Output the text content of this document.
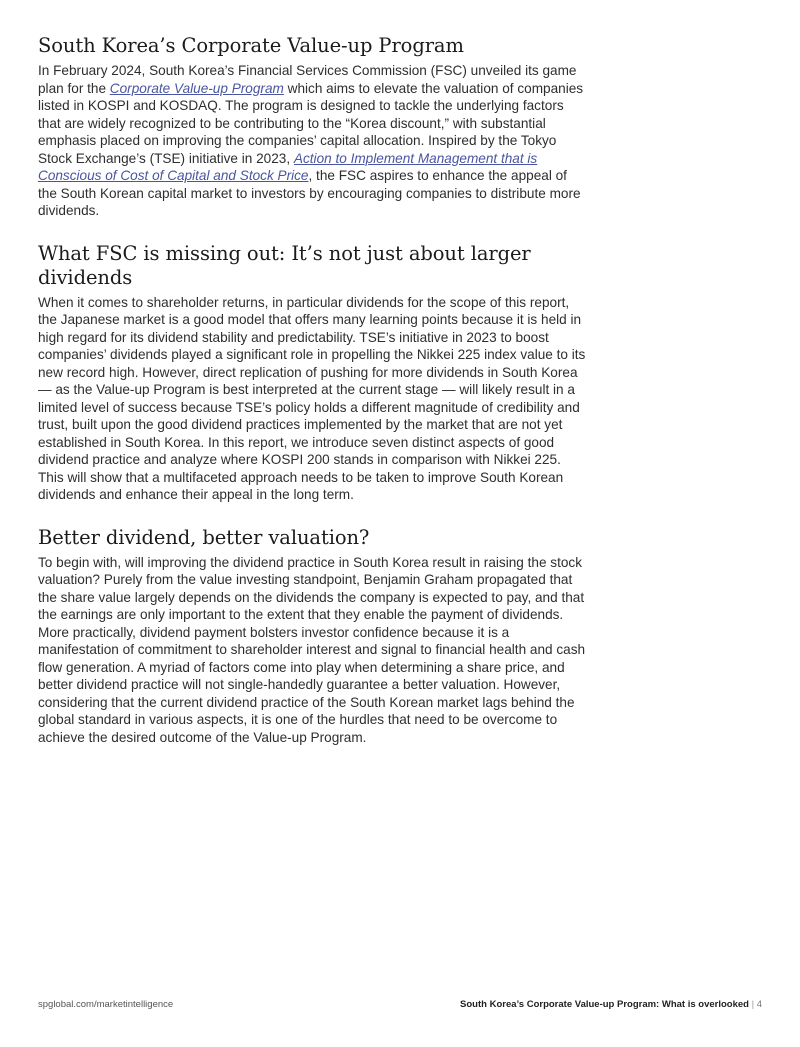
South Korea’s Corporate Value-up Program

In February 2024, South Korea’s Financial Services Commission (FSC) unveiled its game plan for the Corporate Value-up Program which aims to elevate the valuation of companies listed in KOSPI and KOSDAQ. The program is designed to tackle the underlying factors that are widely recognized to be contributing to the “Korea discount,” with substantial emphasis placed on improving the companies’ capital allocation. Inspired by the Tokyo Stock Exchange’s (TSE) initiative in 2023, Action to Implement Management that is Conscious of Cost of Capital and Stock Price, the FSC aspires to enhance the appeal of the South Korean capital market to investors by encouraging companies to distribute more dividends.

What FSC is missing out: It’s not just about larger dividends

When it comes to shareholder returns, in particular dividends for the scope of this report, the Japanese market is a good model that offers many learning points because it is held in high regard for its dividend stability and predictability. TSE’s initiative in 2023 to boost companies’ dividends played a significant role in propelling the Nikkei 225 index value to its new record high. However, direct replication of pushing for more dividends in South Korea — as the Value-up Program is best interpreted at the current stage — will likely result in a limited level of success because TSE’s policy holds a different magnitude of credibility and trust, built upon the good dividend practices implemented by the market that are not yet established in South Korea. In this report, we introduce seven distinct aspects of good dividend practice and analyze where KOSPI 200 stands in comparison with Nikkei 225. This will show that a multifaceted approach needs to be taken to improve South Korean dividends and enhance their appeal in the long term.

Better dividend, better valuation?

To begin with, will improving the dividend practice in South Korea result in raising the stock valuation? Purely from the value investing standpoint, Benjamin Graham propagated that the share value largely depends on the dividends the company is expected to pay, and that the earnings are only important to the extent that they enable the payment of dividends. More practically, dividend payment bolsters investor confidence because it is a manifestation of commitment to shareholder interest and signal to financial health and cash flow generation. A myriad of factors come into play when determining a share price, and better dividend practice will not single-handedly guarantee a better valuation. However, considering that the current dividend practice of the South Korean market lags behind the global standard in various aspects, it is one of the hurdles that need to be overcome to achieve the desired outcome of the Value-up Program.

spglobal.com/marketintelligence	South Korea’s Corporate Value-up Program: What is overlooked | 4
